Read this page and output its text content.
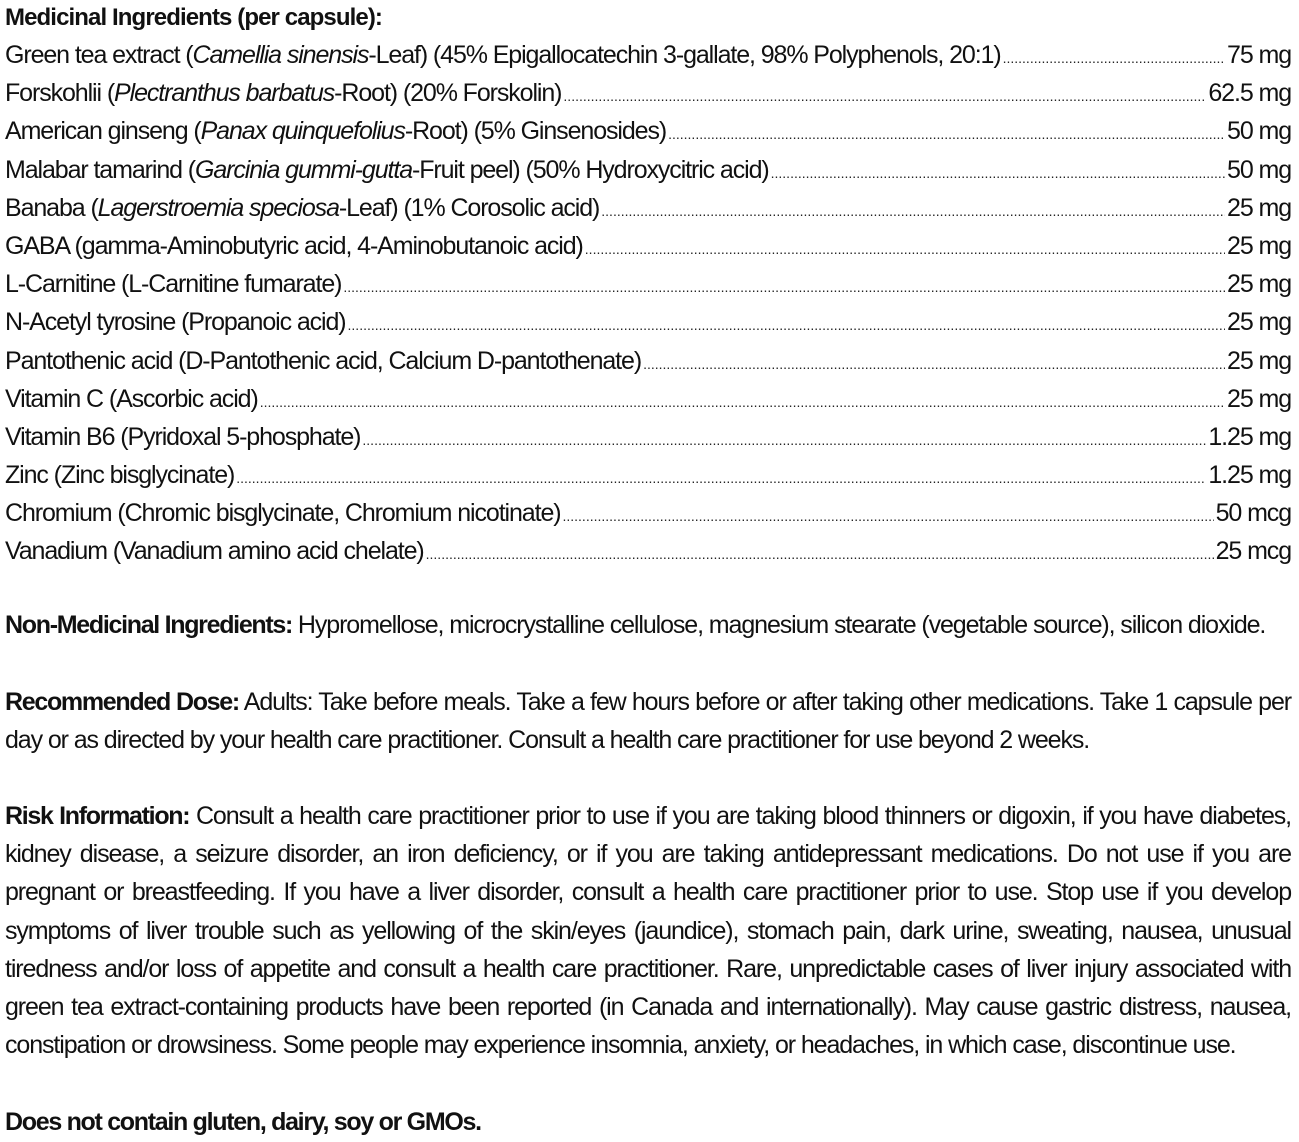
Medicinal Ingredients (per capsule):
Green tea extract (Camellia sinensis-Leaf) (45% Epigallocatechin 3-gallate, 98% Polyphenols, 20:1) .....	75 mg
Forskohlii (Plectranthus barbatus-Root) (20% Forskolin) .....	62.5 mg
American ginseng (Panax quinquefolius-Root) (5% Ginsenosides) .....	50 mg
Malabar tamarind (Garcinia gummi-gutta-Fruit peel) (50% Hydroxycitric acid) .....	50 mg
Banaba (Lagerstroemia speciosa-Leaf) (1% Corosolic acid) .....	25 mg
GABA (gamma-Aminobutyric acid, 4-Aminobutanoic acid) .....	25 mg
L-Carnitine (L-Carnitine fumarate) .....	25 mg
N-Acetyl tyrosine (Propanoic acid) .....	25 mg
Pantothenic acid (D-Pantothenic acid, Calcium D-pantothenate) .....	25 mg
Vitamin C (Ascorbic acid) .....	25 mg
Vitamin B6 (Pyridoxal 5-phosphate) .....	1.25 mg
Zinc (Zinc bisglycinate) .....	1.25 mg
Chromium (Chromic bisglycinate, Chromium nicotinate) .....	50 mcg
Vanadium (Vanadium amino acid chelate) .....	25 mcg
Non-Medicinal Ingredients: Hypromellose, microcrystalline cellulose, magnesium stearate (vegetable source), silicon dioxide.
Recommended Dose: Adults: Take before meals. Take a few hours before or after taking other medications. Take 1 capsule per day or as directed by your health care practitioner. Consult a health care practitioner for use beyond 2 weeks.
Risk Information: Consult a health care practitioner prior to use if you are taking blood thinners or digoxin, if you have diabetes, kidney disease, a seizure disorder, an iron deficiency, or if you are taking antidepressant medications. Do not use if you are pregnant or breastfeeding. If you have a liver disorder, consult a health care practitioner prior to use. Stop use if you develop symptoms of liver trouble such as yellowing of the skin/eyes (jaundice), stomach pain, dark urine, sweating, nausea, unusual tiredness and/or loss of appetite and consult a health care practitioner. Rare, unpredictable cases of liver injury associated with green tea extract-containing products have been reported (in Canada and internationally). May cause gastric distress, nausea, constipation or drowsiness. Some people may experience insomnia, anxiety, or headaches, in which case, discontinue use.
Does not contain gluten, dairy, soy or GMOs.
